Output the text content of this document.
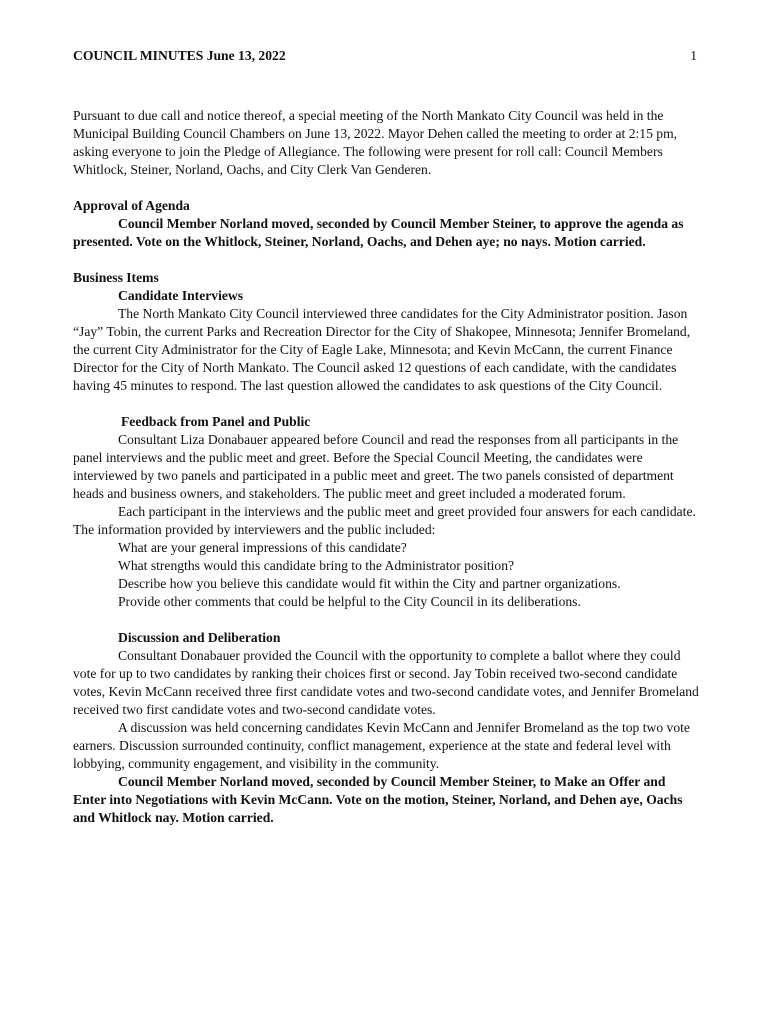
COUNCIL MINUTES June 13, 2022	1

Pursuant to due call and notice thereof, a special meeting of the North Mankato City Council was held in the Municipal Building Council Chambers on June 13, 2022. Mayor Dehen called the meeting to order at 2:15 pm, asking everyone to join the Pledge of Allegiance. The following were present for roll call: Council Members Whitlock, Steiner, Norland, Oachs, and City Clerk Van Genderen.

Approval of Agenda

Council Member Norland moved, seconded by Council Member Steiner, to approve the agenda as presented. Vote on the Whitlock, Steiner, Norland, Oachs, and Dehen aye; no nays. Motion carried.

Business Items

Candidate Interviews

The North Mankato City Council interviewed three candidates for the City Administrator position. Jason “Jay” Tobin, the current Parks and Recreation Director for the City of Shakopee, Minnesota; Jennifer Bromeland, the current City Administrator for the City of Eagle Lake, Minnesota; and Kevin McCann, the current Finance Director for the City of North Mankato. The Council asked 12 questions of each candidate, with the candidates having 45 minutes to respond. The last question allowed the candidates to ask questions of the City Council.

Feedback from Panel and Public

Consultant Liza Donabauer appeared before Council and read the responses from all participants in the panel interviews and the public meet and greet. Before the Special Council Meeting, the candidates were interviewed by two panels and participated in a public meet and greet. The two panels consisted of department heads and business owners, and stakeholders. The public meet and greet included a moderated forum.

Each participant in the interviews and the public meet and greet provided four answers for each candidate. The information provided by interviewers and the public included:

What are your general impressions of this candidate?

What strengths would this candidate bring to the Administrator position?

Describe how you believe this candidate would fit within the City and partner organizations.

Provide other comments that could be helpful to the City Council in its deliberations.

Discussion and Deliberation

Consultant Donabauer provided the Council with the opportunity to complete a ballot where they could vote for up to two candidates by ranking their choices first or second. Jay Tobin received two-second candidate votes, Kevin McCann received three first candidate votes and two-second candidate votes, and Jennifer Bromeland received two first candidate votes and two-second candidate votes.

A discussion was held concerning candidates Kevin McCann and Jennifer Bromeland as the top two vote earners. Discussion surrounded continuity, conflict management, experience at the state and federal level with lobbying, community engagement, and visibility in the community.

Council Member Norland moved, seconded by Council Member Steiner, to Make an Offer and Enter into Negotiations with Kevin McCann. Vote on the motion, Steiner, Norland, and Dehen aye, Oachs and Whitlock nay. Motion carried.
